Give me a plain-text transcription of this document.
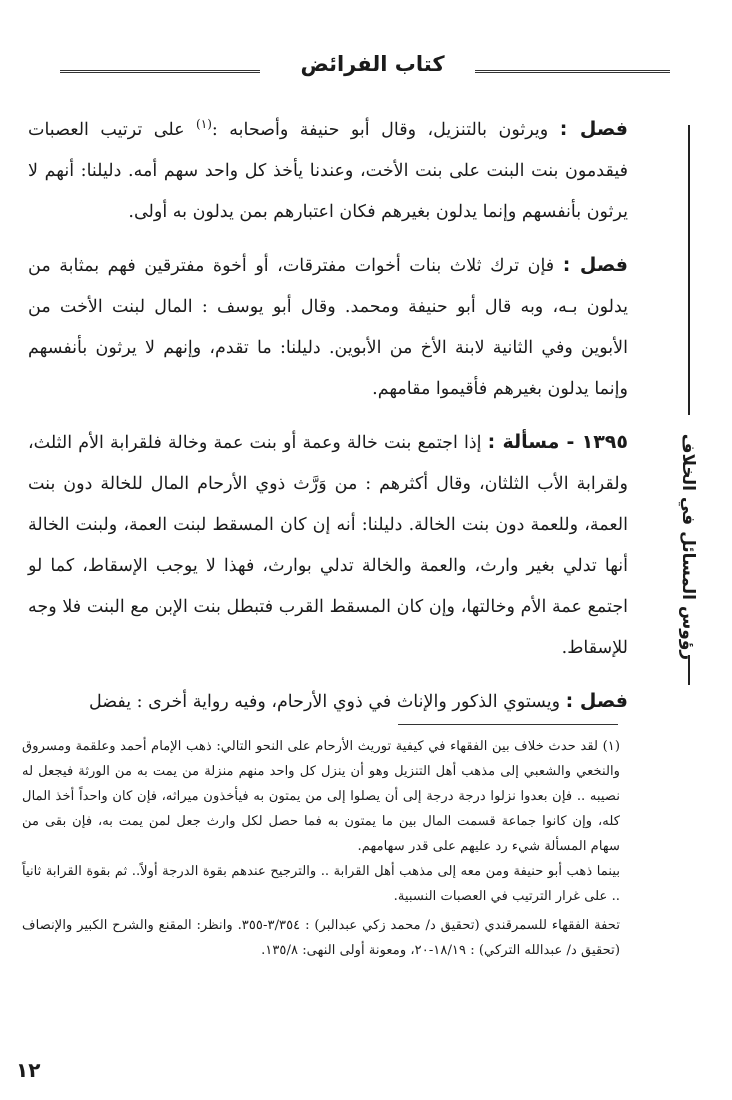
كتاب الفرائض
رؤوس المسائل في الخلاف

فصل : ويرثون بالتنزيل، وقال أبو حنيفة وأصحابه :$^{(١)}$ على ترتيب العصبات فيقدمون بنت البنت على بنت الأخت، وعندنا يأخذ كل واحد سهم أمه. دليلنا: أنهم لا يرثون بأنفسهم وإنما يدلون بغيرهم فكان اعتبارهم بمن يدلون به أولى.

فصل : فإن ترك ثلاث بنات أخوات مفترقات، أو أخوة مفترقين فهم بمثابة من يدلون بـه، وبه قال أبو حنيفة ومحمد. وقال أبو يوسف : المال لبنت الأخت من الأبوين وفي الثانية لابنة الأخ من الأبوين. دليلنا: ما تقدم، وإنهم لا يرثون بأنفسهم وإنما يدلون بغيرهم فأقيموا مقامهم.

١٣٩٥ - مسألة : إذا اجتمع بنت خالة وعمة أو بنت عمة وخالة فلقرابة الأم الثلث، ولقرابة الأب الثلثان، وقال أكثرهم : من وَرَّث ذوي الأرحام المال للخالة دون بنت العمة، وللعمة دون بنت الخالة. دليلنا: أنه إن كان المسقط لبنت العمة، ولبنت الخالة أنها تدلي بغير وارث، والعمة والخالة تدلي بوارث، فهذا لا يوجب الإسقاط، كما لو اجتمع عمة الأم وخالتها، وإن كان المسقط القرب فتبطل بنت الإبن مع البنت فلا وجه للإسقاط.

فصل : ويستوي الذكور والإناث في ذوي الأرحام، وفيه رواية أخرى : يفضل

(١) لقد حدث خلاف بين الفقهاء في كيفية توريث الأرحام على النحو التالي: ذهب الإمام أحمد وعلقمة ومسروق والنخعي والشعبي إلى مذهب أهل التنزيل وهو أن ينزل كل واحد منهم منزلة من يمت به من الورثة فيجعل له نصيبه .. فإن بعدوا نزلوا درجة درجة إلى أن يصلوا إلى من يمتون به فيأخذون ميراثه، فإن كان واحداً أخذ المال كله، وإن كانوا جماعة قسمت المال بين ما يمتون به فما حصل لكل وارث جعل لمن يمت به، فإن بقى من سهام المسألة شيء رد عليهم على قدر سهامهم.

بينما ذهب أبو حنيفة ومن معه إلى مذهب أهل القرابة .. والترجيح عندهم بقوة الدرجة أولاً.. ثم بقوة القرابة ثانياً .. على غرار الترتيب في العصبات النسبية.

تحفة الفقهاء للسمرقندي (تحقيق د/ محمد زكي عبدالبر) : ٣/٣٥٤-٣٥٥. وانظر: المقنع والشرح الكبير والإنصاف (تحقيق د/ عبدالله التركي) : ١٨/١٩-٢٠، ومعونة أولى النهى: ١٣٥/٨.

١٢
